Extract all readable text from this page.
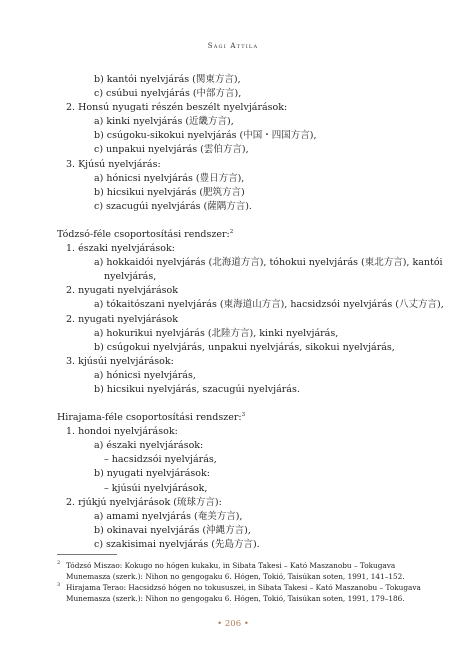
Sági Attila
b) kantói nyelvjárás (関東方言),
c) csúbui nyelvjárás (中部方言),
2. Honsú nyugati részén beszélt nyelvjárások:
a) kinki nyelvjárás (近畿方言),
b) csúgoku-sikokui nyelvjárás (中国・四国方言),
c) unpakui nyelvjárás (雲伯方言),
3. Kjúsú nyelvjárás:
a) hónicsi nyelvjárás (豊日方言),
b) hicsikui nyelvjárás (肥筑方言)
c) szacugúi nyelvjárás (薩隅方言).
Tódzsó-féle csoportosítási rendszer:$^2$
1. északi nyelvjárások:
a) hokkaidói nyelvjárás (北海道方言), tóhokui nyelvjárás (東北方言), kantói
nyelvjárás,
2. nyugati nyelvjárások
a) tókaitószani nyelvjárás (東海道山方言), hacsidzsói nyelvjárás (八丈方言),
2. nyugati nyelvjárások
a) hokurikui nyelvjárás (北陸方言), kinki nyelvjárás,
b) csúgokui nyelvjárás, unpakui nyelvjárás, sikokui nyelvjárás,
3. kjúsúi nyelvjárások:
a) hónicsi nyelvjárás,
b) hicsikui nyelvjárás, szacugúi nyelvjárás.
Hirajama-féle csoportosítási rendszer:$^3$
1. hondoi nyelvjárások:
a) északi nyelvjárások:
– hacsidzsói nyelvjárás,
b) nyugati nyelvjárások:
– kjúsúi nyelvjárások,
2. rjúkjú nyelvjárások (琉球方言):
a) amami nyelvjárás (奄美方言),
b) okinavai nyelvjárás (沖縄方言),
c) szakisimai nyelvjárás (先島方言).
2 Tódzsó Miszao: Kokugo no hógen kukaku, in Sibata Takesi – Kató Maszanobu – Tokugava
Munemasza (szerk.): Nihon no gengogaku 6. Hógen, Tokió, Taisúkan soten, 1991, 141–152.
3 Hirajama Terao: Hacsidzsó hógen no tokususzei, in Sibata Takesi – Kató Maszanobu – Tokugava
Munemasza (szerk.): Nihon no gengogaku 6. Hógen, Tokió, Taisúkan soten, 1991, 179–186.
• 206 •
